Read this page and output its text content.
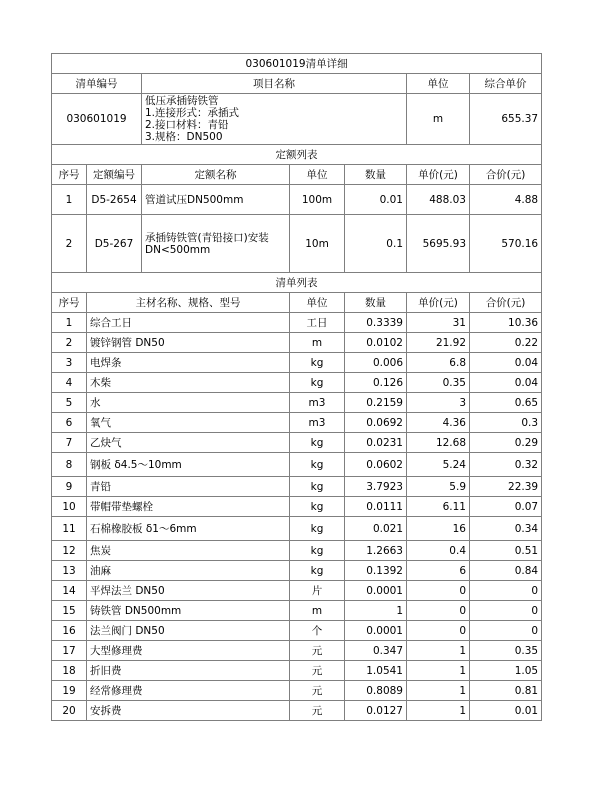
030601019清单详细						
清单编号		项目名称			单位	综合单价
030601019		低压承插铸铁管
1.连接形式：承插式
2.接口材料：青铅
3.规格：DN500			m	655.37
定额列表						
序号	定额编号	定额名称	单位	数量	单价(元)	合价(元)
1	D5-2654	管道试压DN500mm	100m	0.01	488.03	4.88
2	D5-267	承插铸铁管(青铅接口)安装DN<500mm	10m	0.1	5695.93	570.16
清单列表						
序号	主材名称、规格、型号		单位	数量	单价(元)	合价(元)
1	综合工日		工日	0.3339	31	10.36
2	镀锌钢管 DN50		m	0.0102	21.92	0.22
3	电焊条		kg	0.006	6.8	0.04
4	木柴		kg	0.126	0.35	0.04
5	水		m3	0.2159	3	0.65
6	氧气		m3	0.0692	4.36	0.3
7	乙炔气		kg	0.0231	12.68	0.29
8	钢板 δ4.5～10mm		kg	0.0602	5.24	0.32
9	青铅		kg	3.7923	5.9	22.39
10	带帽带垫螺栓		kg	0.0111	6.11	0.07
11	石棉橡胶板 δ1～6mm		kg	0.021	16	0.34
12	焦炭		kg	1.2663	0.4	0.51
13	油麻		kg	0.1392	6	0.84
14	平焊法兰 DN50		片	0.0001	0	0
15	铸铁管 DN500mm		m	1	0	0
16	法兰阀门 DN50		个	0.0001	0	0
17	大型修理费		元	0.347	1	0.35
18	折旧费		元	1.0541	1	1.05
19	经常修理费		元	0.8089	1	0.81
20	安拆费		元	0.0127	1	0.01
